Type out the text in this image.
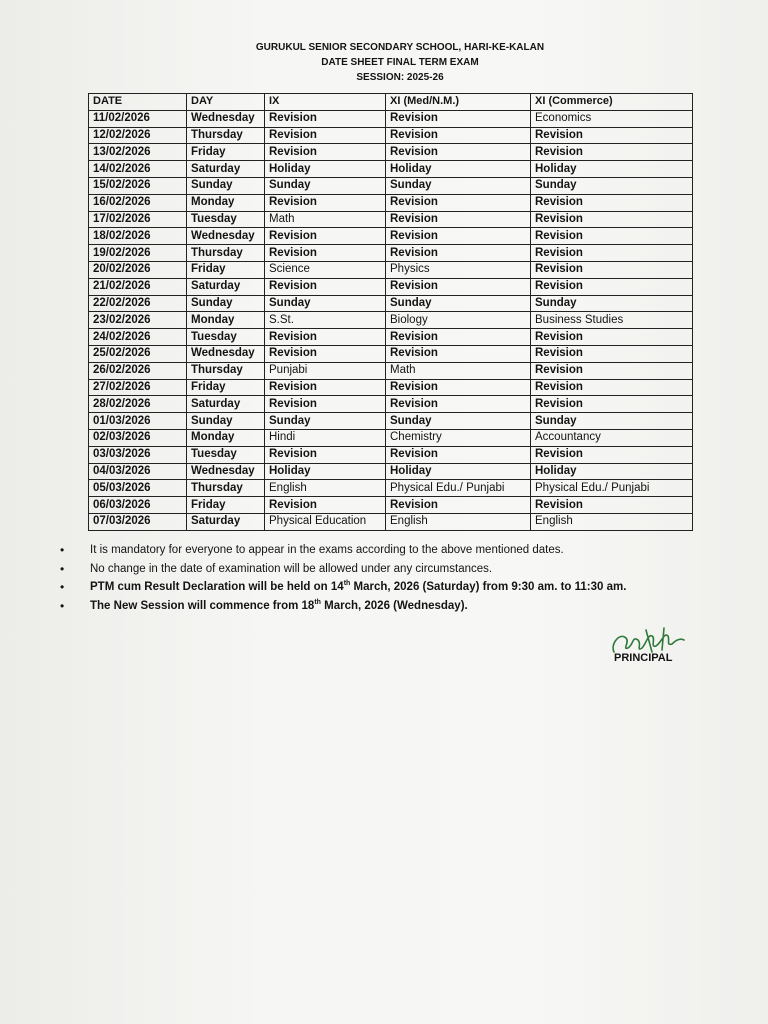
GURUKUL SENIOR SECONDARY SCHOOL, HARI-KE-KALAN
DATE SHEET FINAL TERM EXAM
SESSION: 2025-26
DATE	DAY	IX	XI (Med/N.M.)	XI (Commerce)
11/02/2026	Wednesday	Revision	Revision	Economics
12/02/2026	Thursday	Revision	Revision	Revision
13/02/2026	Friday	Revision	Revision	Revision
14/02/2026	Saturday	Holiday	Holiday	Holiday
15/02/2026	Sunday	Sunday	Sunday	Sunday
16/02/2026	Monday	Revision	Revision	Revision
17/02/2026	Tuesday	Math	Revision	Revision
18/02/2026	Wednesday	Revision	Revision	Revision
19/02/2026	Thursday	Revision	Revision	Revision
20/02/2026	Friday	Science	Physics	Revision
21/02/2026	Saturday	Revision	Revision	Revision
22/02/2026	Sunday	Sunday	Sunday	Sunday
23/02/2026	Monday	S.St.	Biology	Business Studies
24/02/2026	Tuesday	Revision	Revision	Revision
25/02/2026	Wednesday	Revision	Revision	Revision
26/02/2026	Thursday	Punjabi	Math	Revision
27/02/2026	Friday	Revision	Revision	Revision
28/02/2026	Saturday	Revision	Revision	Revision
01/03/2026	Sunday	Sunday	Sunday	Sunday
02/03/2026	Monday	Hindi	Chemistry	Accountancy
03/03/2026	Tuesday	Revision	Revision	Revision
04/03/2026	Wednesday	Holiday	Holiday	Holiday
05/03/2026	Thursday	English	Physical Edu./ Punjabi	Physical Edu./ Punjabi
06/03/2026	Friday	Revision	Revision	Revision
07/03/2026	Saturday	Physical Education	English	English
•
It is mandatory for everyone to appear in the exams according to the above mentioned dates.
•
No change in the date of examination will be allowed under any circumstances.
•
PTM cum Result Declaration will be held on 14th March, 2026 (Saturday) from 9:30 am. to 11:30 am.
•
The New Session will commence from 18th March, 2026 (Wednesday).
PRINCIPAL
